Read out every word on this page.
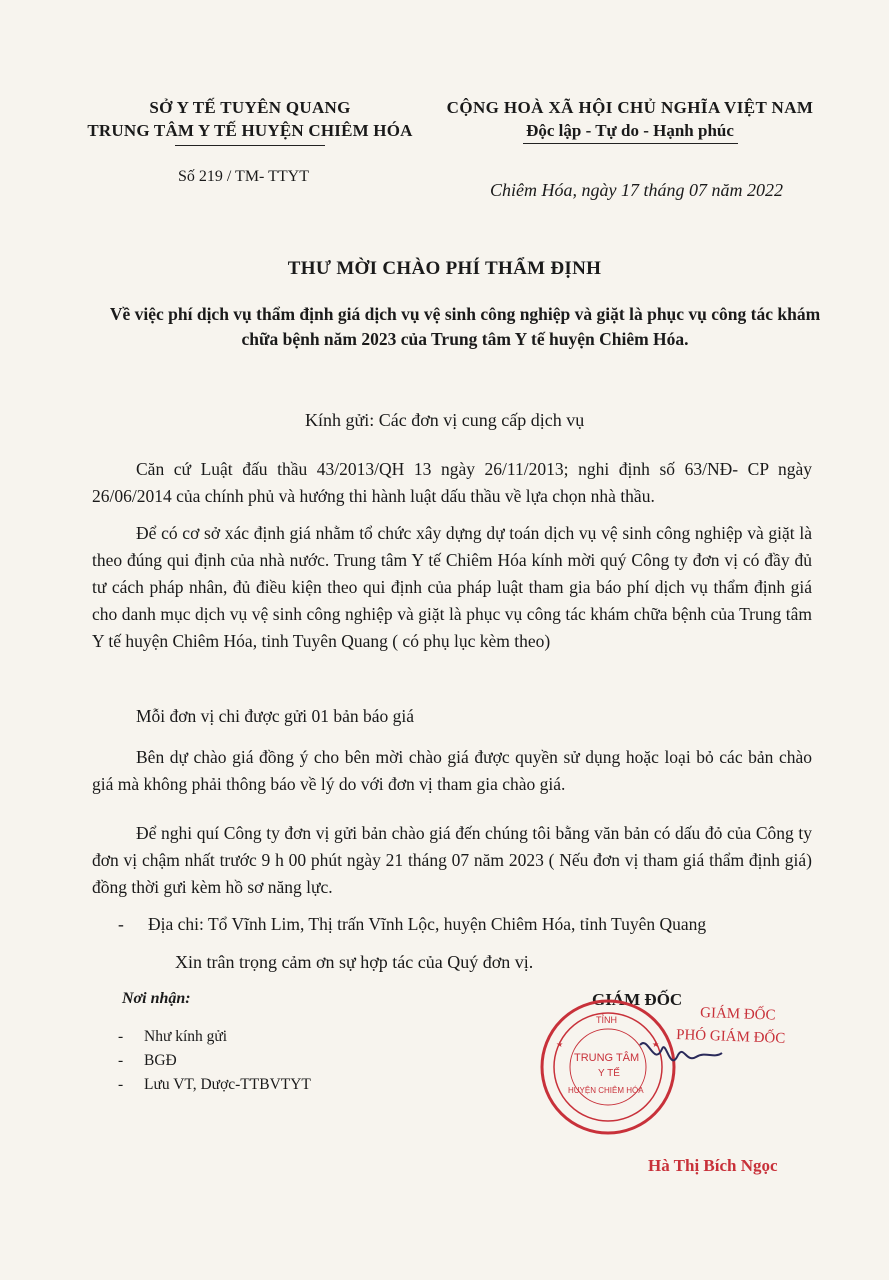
SỞ Y TẾ TUYÊN QUANG
TRUNG TÂM Y TẾ HUYỆN CHIÊM HÓA
CỘNG HOÀ XÃ HỘI CHỦ NGHĨA VIỆT NAM
Độc lập - Tự do - Hạnh phúc
Số 219 / TM- TTYT
Chiêm Hóa, ngày 17 tháng 07 năm 2022
THƯ MỜI CHÀO PHÍ THẨM ĐỊNH
Về việc phí dịch vụ thẩm định giá dịch vụ vệ sinh công nghiệp và giặt là phục vụ công tác khám chữa bệnh năm 2023 của Trung tâm Y tế huyện Chiêm Hóa.
Kính gửi: Các đơn vị cung cấp dịch vụ
Căn cứ Luật đấu thầu 43/2013/QH 13 ngày 26/11/2013; nghi định số 63/NĐ- CP ngày 26/06/2014 của chính phủ và hướng thi hành luật dấu thầu về lựa chọn nhà thầu.
Để có cơ sở xác định giá nhằm tổ chức xây dựng dự toán dịch vụ vệ sinh công nghiệp và giặt là theo đúng qui định của nhà nước. Trung tâm Y tế Chiêm Hóa kính mời quý Công ty đơn vị có đầy đủ tư cách pháp nhân, đủ điều kiện theo qui định của pháp luật tham gia báo phí dịch vụ thẩm định giá cho danh mục dịch vụ vệ sinh công nghiệp và giặt là phục vụ công tác khám chữa bệnh của Trung tâm Y tế huyện Chiêm Hóa, tinh Tuyên Quang ( có phụ lục kèm theo)
Mỗi đơn vị chi được gửi 01 bản báo giá
Bên dự chào giá đồng ý cho bên mời chào giá được quyền sử dụng hoặc loại bỏ các bản chào giá mà không phải thông báo về lý do với đơn vị tham gia chào giá.
Để nghi quí Công ty đơn vị gửi bản chào giá đến chúng tôi bằng văn bản có dấu đỏ của Công ty đơn vị chậm nhất trước 9 h 00 phút ngày 21 tháng 07 năm 2023 ( Nếu đơn vị tham giá thẩm định giá) đồng thời gưi kèm hồ sơ năng lực.
- Địa chi: Tổ Vĩnh Lim, Thị trấn Vĩnh Lộc, huyện Chiêm Hóa, tỉnh Tuyên Quang
Xin trân trọng cảm ơn sự hợp tác của Quý đơn vị.
Nơi nhận:
- Như kính gửi
- BGĐ
- Lưu VT, Dược-TTBVTYT
GIÁM ĐỐC
GIÁM ĐỐC
PHÓ GIÁM ĐỐC
TỈNH
TRUNG TÂM
Y TẾ
HUYỆN CHIÊM HÓA
★	★
Hà Thị Bích Ngọc
